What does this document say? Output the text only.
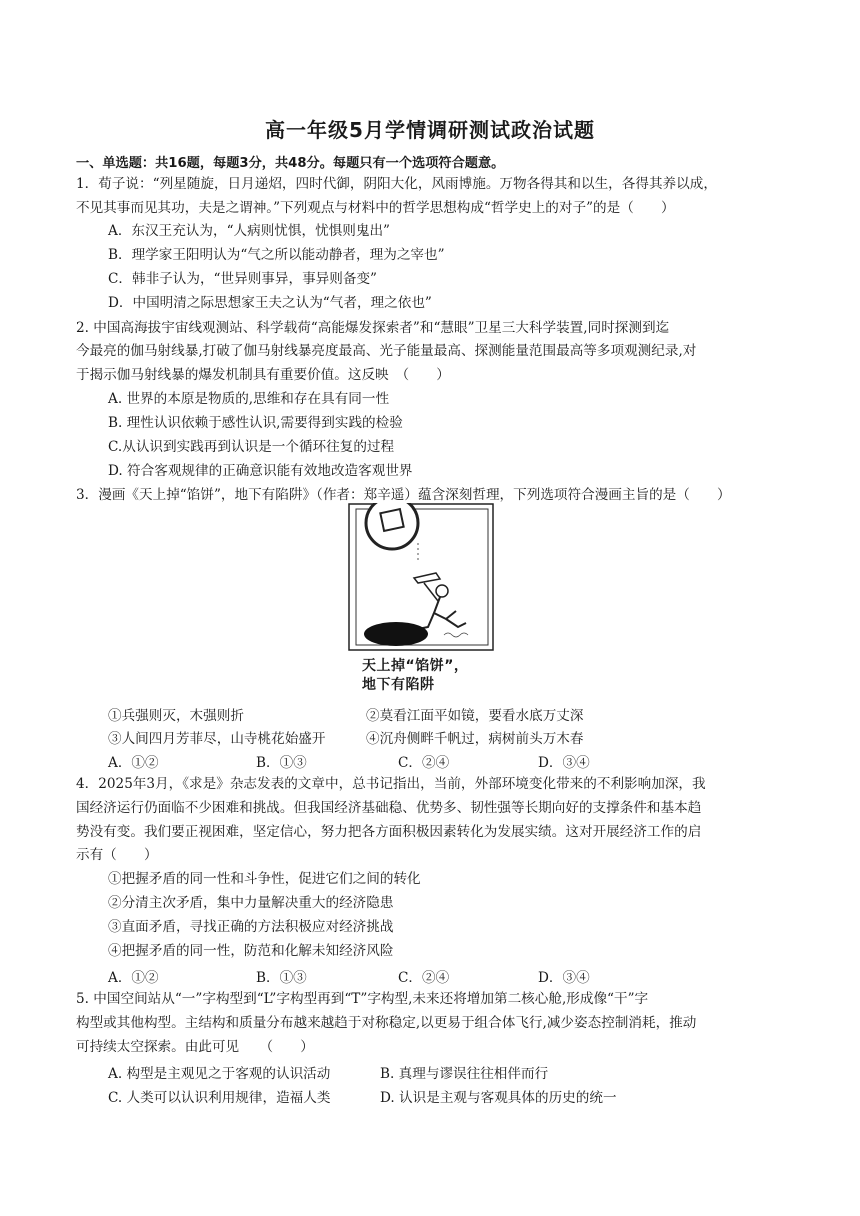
高一年级5月学情调研测试政治试题
一、单选题：共16题，每题3分，共48分。每题只有一个选项符合题意。
1．荀子说：“列星随旋，日月递炤，四时代御，阴阳大化，风雨博施。万物各得其和以生，各得其养以成，
不见其事而见其功，夫是之谓神。”下列观点与材料中的哲学思想构成“哲学史上的对子”的是（　　）
A．东汉王充认为，“人病则忧惧，忧惧则鬼出”
B．理学家王阳明认为“气之所以能动静者，理为之宰也”
C．韩非子认为，“世异则事异，事异则备变”
D．中国明清之际思想家王夫之认为“气者，理之依也”
2. 中国高海拔宇宙线观测站、科学载荷“高能爆发探索者”和“慧眼”卫星三大科学装置,同时探测到迄
今最亮的伽马射线暴,打破了伽马射线暴亮度最高、光子能量最高、探测能量范围最高等多项观测纪录,对
于揭示伽马射线暴的爆发机制具有重要价值。这反映　（　　）
A. 世界的本原是物质的,思维和存在具有同一性
B. 理性认识依赖于感性认识,需要得到实践的检验
C.从认识到实践再到认识是一个循环往复的过程
D. 符合客观规律的正确意识能有效地改造客观世界
3．漫画《天上掉“馅饼”，地下有陷阱》（作者：郑辛遥）蕴含深刻哲理，下列选项符合漫画主旨的是（　　）
天上掉“馅饼”，
地下有陷阱
①兵强则灭，木强则折	②莫看江面平如镜，要看水底万丈深
③人间四月芳菲尽，山寺桃花始盛开	④沉舟侧畔千帆过，病树前头万木春
A．①②	B．①③	C．②④	D．③④
4．2025年3月，《求是》杂志发表的文章中，总书记指出，当前，外部环境变化带来的不利影响加深，我
国经济运行仍面临不少困难和挑战。但我国经济基础稳、优势多、韧性强等长期向好的支撑条件和基本趋
势没有变。我们要正视困难，坚定信心，努力把各方面积极因素转化为发展实绩。这对开展经济工作的启
示有（　　）
①把握矛盾的同一性和斗争性，促进它们之间的转化
②分清主次矛盾，集中力量解决重大的经济隐患
③直面矛盾，寻找正确的方法积极应对经济挑战
④把握矛盾的同一性，防范和化解未知经济风险
A．①②	B．①③	C．②④	D．③④
5. 中国空间站从“一”字构型到“L”字构型再到“T”字构型,未来还将增加第二核心舱,形成像“干”字
构型或其他构型。主结构和质量分布越来越趋于对称稳定,以更易于组合体飞行,减少姿态控制消耗，推动
可持续太空探索。由此可见　　（　　）
A. 构型是主观见之于客观的认识活动	B. 真理与谬误往往相伴而行
C. 人类可以认识利用规律，造福人类	D. 认识是主观与客观具体的历史的统一
